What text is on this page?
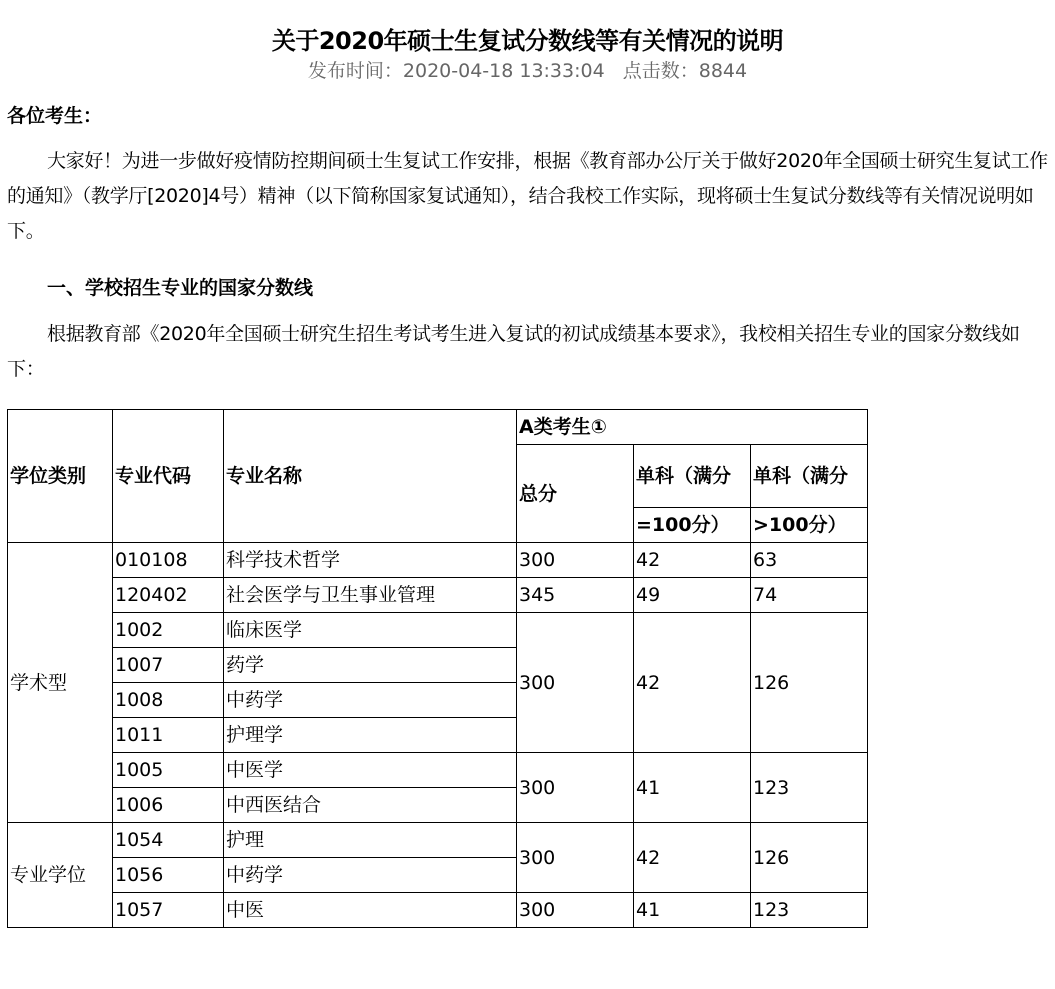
关于2020年硕士生复试分数线等有关情况的说明
发布时间：2020-04-18 13:33:04 点击数：8844
各位考生：
大家好！为进一步做好疫情防控期间硕士生复试工作安排，根据《教育部办公厅关于做好2020年全国硕士研究生复试工作的通知》（教学厅[2020]4号）精神（以下简称国家复试通知），结合我校工作实际，现将硕士生复试分数线等有关情况说明如下。
一、学校招生专业的国家分数线
根据教育部《2020年全国硕士研究生招生考试考生进入复试的初试成绩基本要求》，我校相关招生专业的国家分数线如下：
学位类别	专业代码	专业名称	A类考生①		
			总分	单科（满分	单科（满分
				=100分）	>100分）
学术型	010108	科学技术哲学	300	42	63
	120402	社会医学与卫生事业管理	345	49	74
	1002	临床医学	300	42	126
	1007	药学			
	1008	中药学			
	1011	护理学			
	1005	中医学	300	41	123
	1006	中西医结合			
专业学位	1054	护理	300	42	126
	1056	中药学			
	1057	中医	300	41	123
